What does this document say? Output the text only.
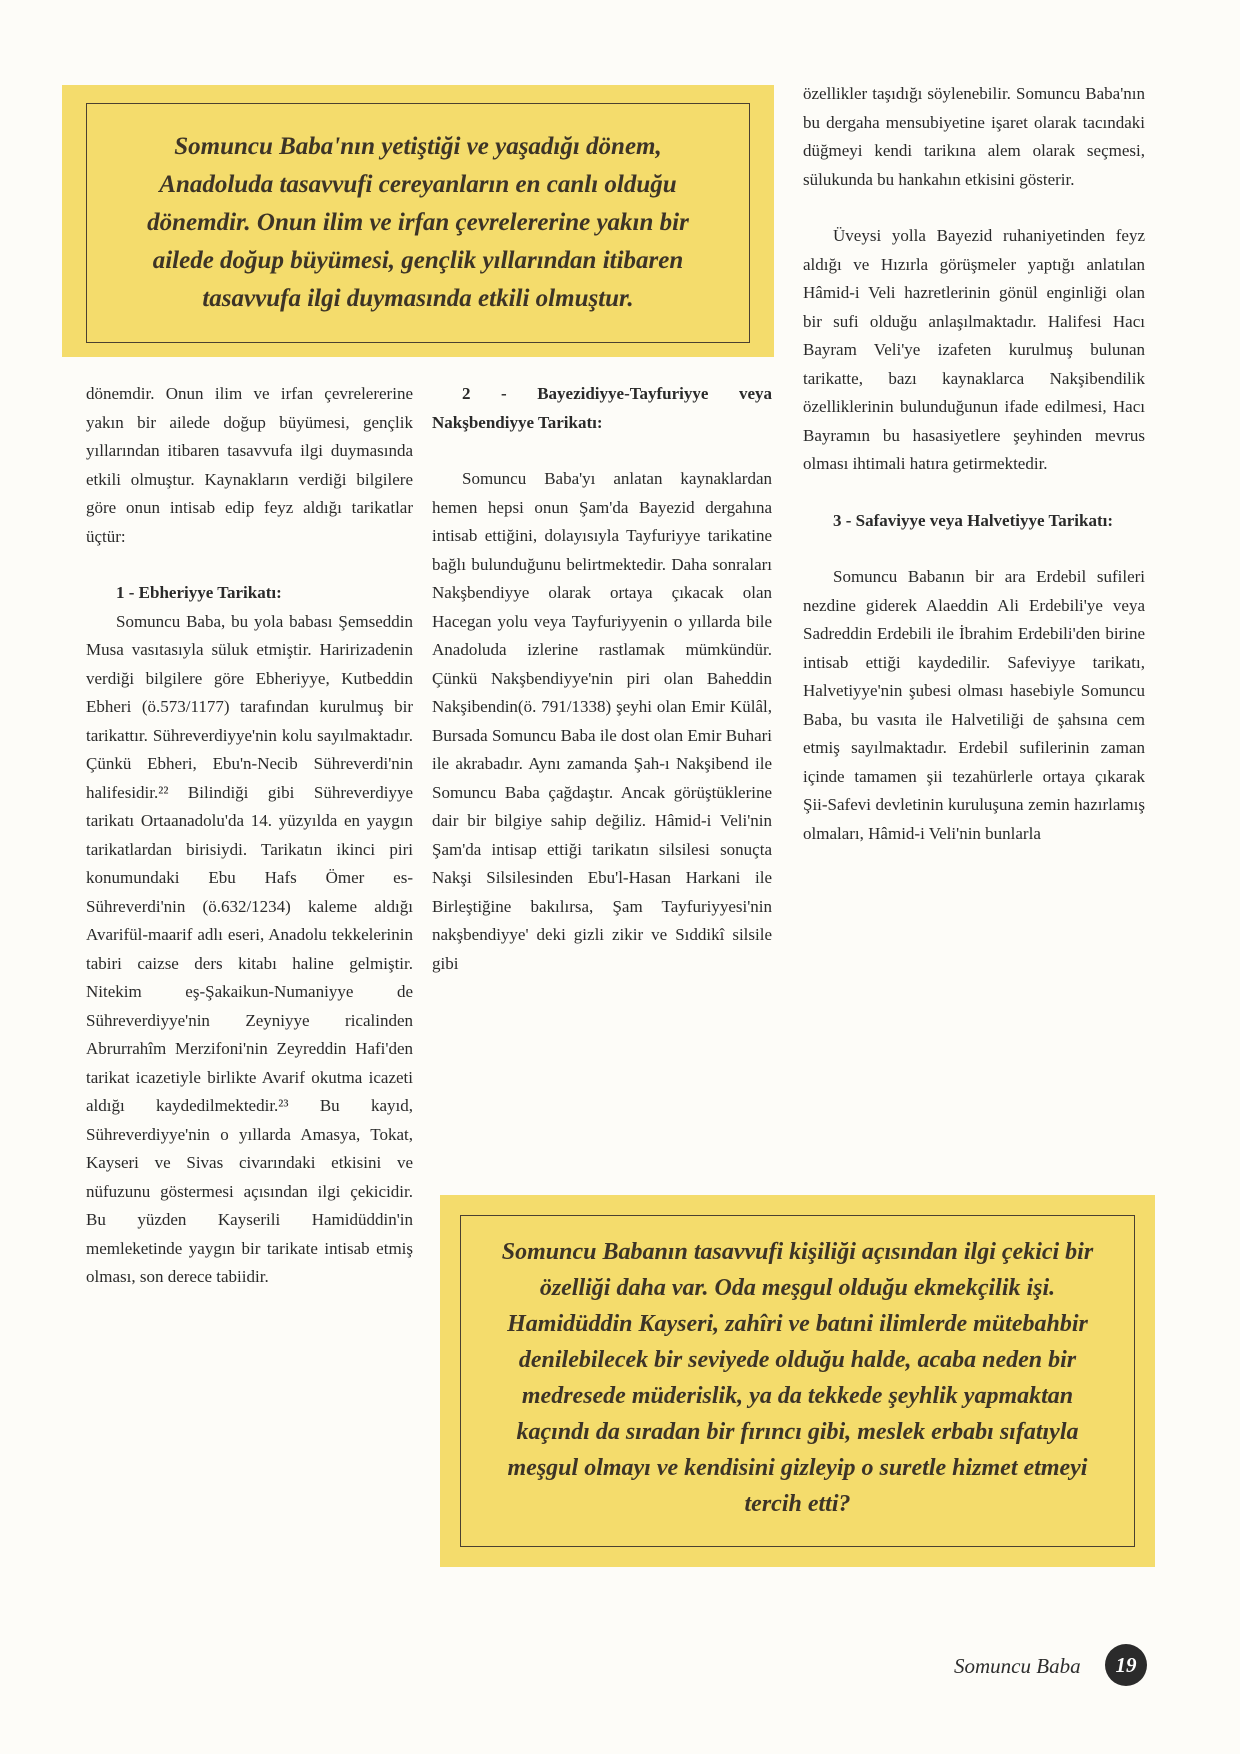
Somuncu Baba'nın yetiştiği ve yaşadığı dönem, Anadoluda tasavvufi cereyanların en canlı olduğu dönemdir. Onun ilim ve irfan çevrelererine yakın bir ailede doğup büyümesi, gençlik yıllarından itibaren tasavvufa ilgi duymasında etkili olmuştur.

dönemdir. Onun ilim ve irfan çevrelererine yakın bir ailede doğup büyümesi, gençlik yıllarından itibaren tasavvufa ilgi duymasında etkili olmuştur. Kaynakların verdiği bilgilere göre onun intisab edip feyz aldığı tarikatlar üçtür:

1 - Ebheriyye Tarikatı:

Somuncu Baba, bu yola babası Şemseddin Musa vasıtasıyla süluk etmiştir. Haririzadenin verdiği bilgilere göre Ebheriyye, Kutbeddin Ebheri (ö.573/1177) tarafından kurulmuş bir tarikattır. Sühreverdiyye'nin kolu sayılmaktadır. Çünkü Ebheri, Ebu'n-Necib Sühreverdi'nin halifesidir.²² Bilindiği gibi Sühreverdiyye tarikatı Ortaanadolu'da 14. yüzyılda en yaygın tarikatlardan birisiydi. Tarikatın ikinci piri konumundaki Ebu Hafs Ömer es-Sühreverdi'nin (ö.632/1234) kaleme aldığı Avarifül-maarif adlı eseri, Anadolu tekkelerinin tabiri caizse ders kitabı haline gelmiştir. Nitekim eş-Şakaikun-Numaniyye de Sühreverdiyye'nin Zeyniyye ricalinden Abrurrahîm Merzifoni'nin Zeyreddin Hafi'den tarikat icazetiyle birlikte Avarif okutma icazeti aldığı kaydedilmektedir.²³ Bu kayıd, Sühreverdiyye'nin o yıllarda Amasya, Tokat, Kayseri ve Sivas civarındaki etkisini ve nüfuzunu göstermesi açısından ilgi çekicidir. Bu yüzden Kayserili Hamidüddin'in memleketinde yaygın bir tarikate intisab etmiş olması, son derece tabiidir.

2 - Bayezidiyye-Tayfuriyye veya Nakşbendiyye Tarikatı:

Somuncu Baba'yı anlatan kaynaklardan hemen hepsi onun Şam'da Bayezid dergahına intisab ettiğini, dolayısıyla Tayfuriyye tarikatine bağlı bulunduğunu belirtmektedir. Daha sonraları Nakşbendiyye olarak ortaya çıkacak olan Hacegan yolu veya Tayfuriyyenin o yıllarda bile Anadoluda izlerine rastlamak mümkündür. Çünkü Nakşbendiyye'nin piri olan Baheddin Nakşibendin(ö. 791/1338) şeyhi olan Emir Külâl, Bursada Somuncu Baba ile dost olan Emir Buhari ile akrabadır. Aynı zamanda Şah-ı Nakşibend ile Somuncu Baba çağdaştır. Ancak görüştüklerine dair bir bilgiye sahip değiliz. Hâmid-i Veli'nin Şam'da intisap ettiği tarikatın silsilesi sonuçta Nakşi Silsilesinden Ebu'l-Hasan Harkani ile Birleştiğine bakılırsa, Şam Tayfuriyyesi'nin nakşbendiyye' deki gizli zikir ve Sıddikî silsile gibi

özellikler taşıdığı söylenebilir. Somuncu Baba'nın bu dergaha mensubiyetine işaret olarak tacındaki düğmeyi kendi tarikına alem olarak seçmesi, sülukunda bu hankahın etkisini gösterir.

Üveysi yolla Bayezid ruhaniyetinden feyz aldığı ve Hızırla görüşmeler yaptığı anlatılan Hâmid-i Veli hazretlerinin gönül enginliği olan bir sufi olduğu anlaşılmaktadır. Halifesi Hacı Bayram Veli'ye izafeten kurulmuş bulunan tarikatte, bazı kaynaklarca Nakşibendilik özelliklerinin bulunduğunun ifade edilmesi, Hacı Bayramın bu hasasiyetlere şeyhinden mevrus olması ihtimali hatıra getirmektedir.

3 - Safaviyye veya Halvetiyye Tarikatı:

Somuncu Babanın bir ara Erdebil sufileri nezdine giderek Alaeddin Ali Erdebili'ye veya Sadreddin Erdebili ile İbrahim Erdebili'den birine intisab ettiği kaydedilir. Safeviyye tarikatı, Halvetiyye'nin şubesi olması hasebiyle Somuncu Baba, bu vasıta ile Halvetiliği de şahsına cem etmiş sayılmaktadır. Erdebil sufilerinin zaman içinde tamamen şii tezahürlerle ortaya çıkarak Şii-Safevi devletinin kuruluşuna zemin hazırlamış olmaları, Hâmid-i Veli'nin bunlarla

Somuncu Babanın tasavvufi kişiliği açısından ilgi çekici bir özelliği daha var. Oda meşgul olduğu ekmekçilik işi. Hamidüddin Kayseri, zahîri ve batıni ilimlerde mütebahbir denilebilecek bir seviyede olduğu halde, acaba neden bir medresede müderislik, ya da tekkede şeyhlik yapmaktan kaçındı da sıradan bir fırıncı gibi, meslek erbabı sıfatıyla meşgul olmayı ve kendisini gizleyip o suretle hizmet etmeyi tercih etti?

Somuncu Baba	19
